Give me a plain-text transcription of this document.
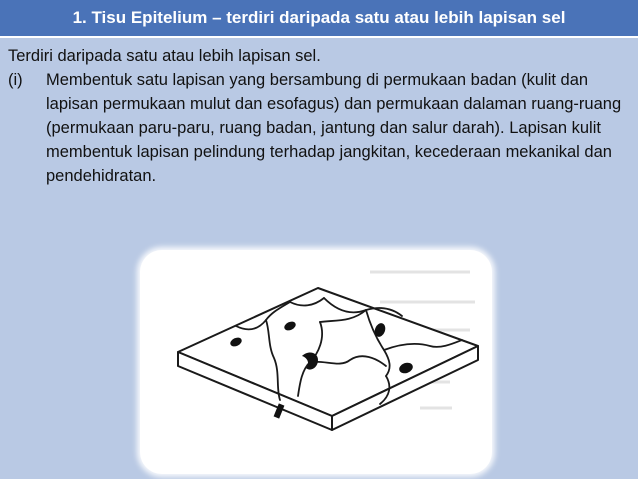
1. Tisu Epitelium – terdiri daripada satu atau lebih lapisan sel

Terdiri daripada satu atau lebih lapisan sel.

(i)	Membentuk satu lapisan yang bersambung di permukaan badan (kulit dan lapisan permukaan mulut dan esofagus) dan permukaan dalaman ruang-ruang (permukaan paru-paru, ruang badan, jantung dan salur darah). Lapisan kulit membentuk lapisan pelindung terhadap jangkitan, kecederaan mekanikal dan pendehidratan.
